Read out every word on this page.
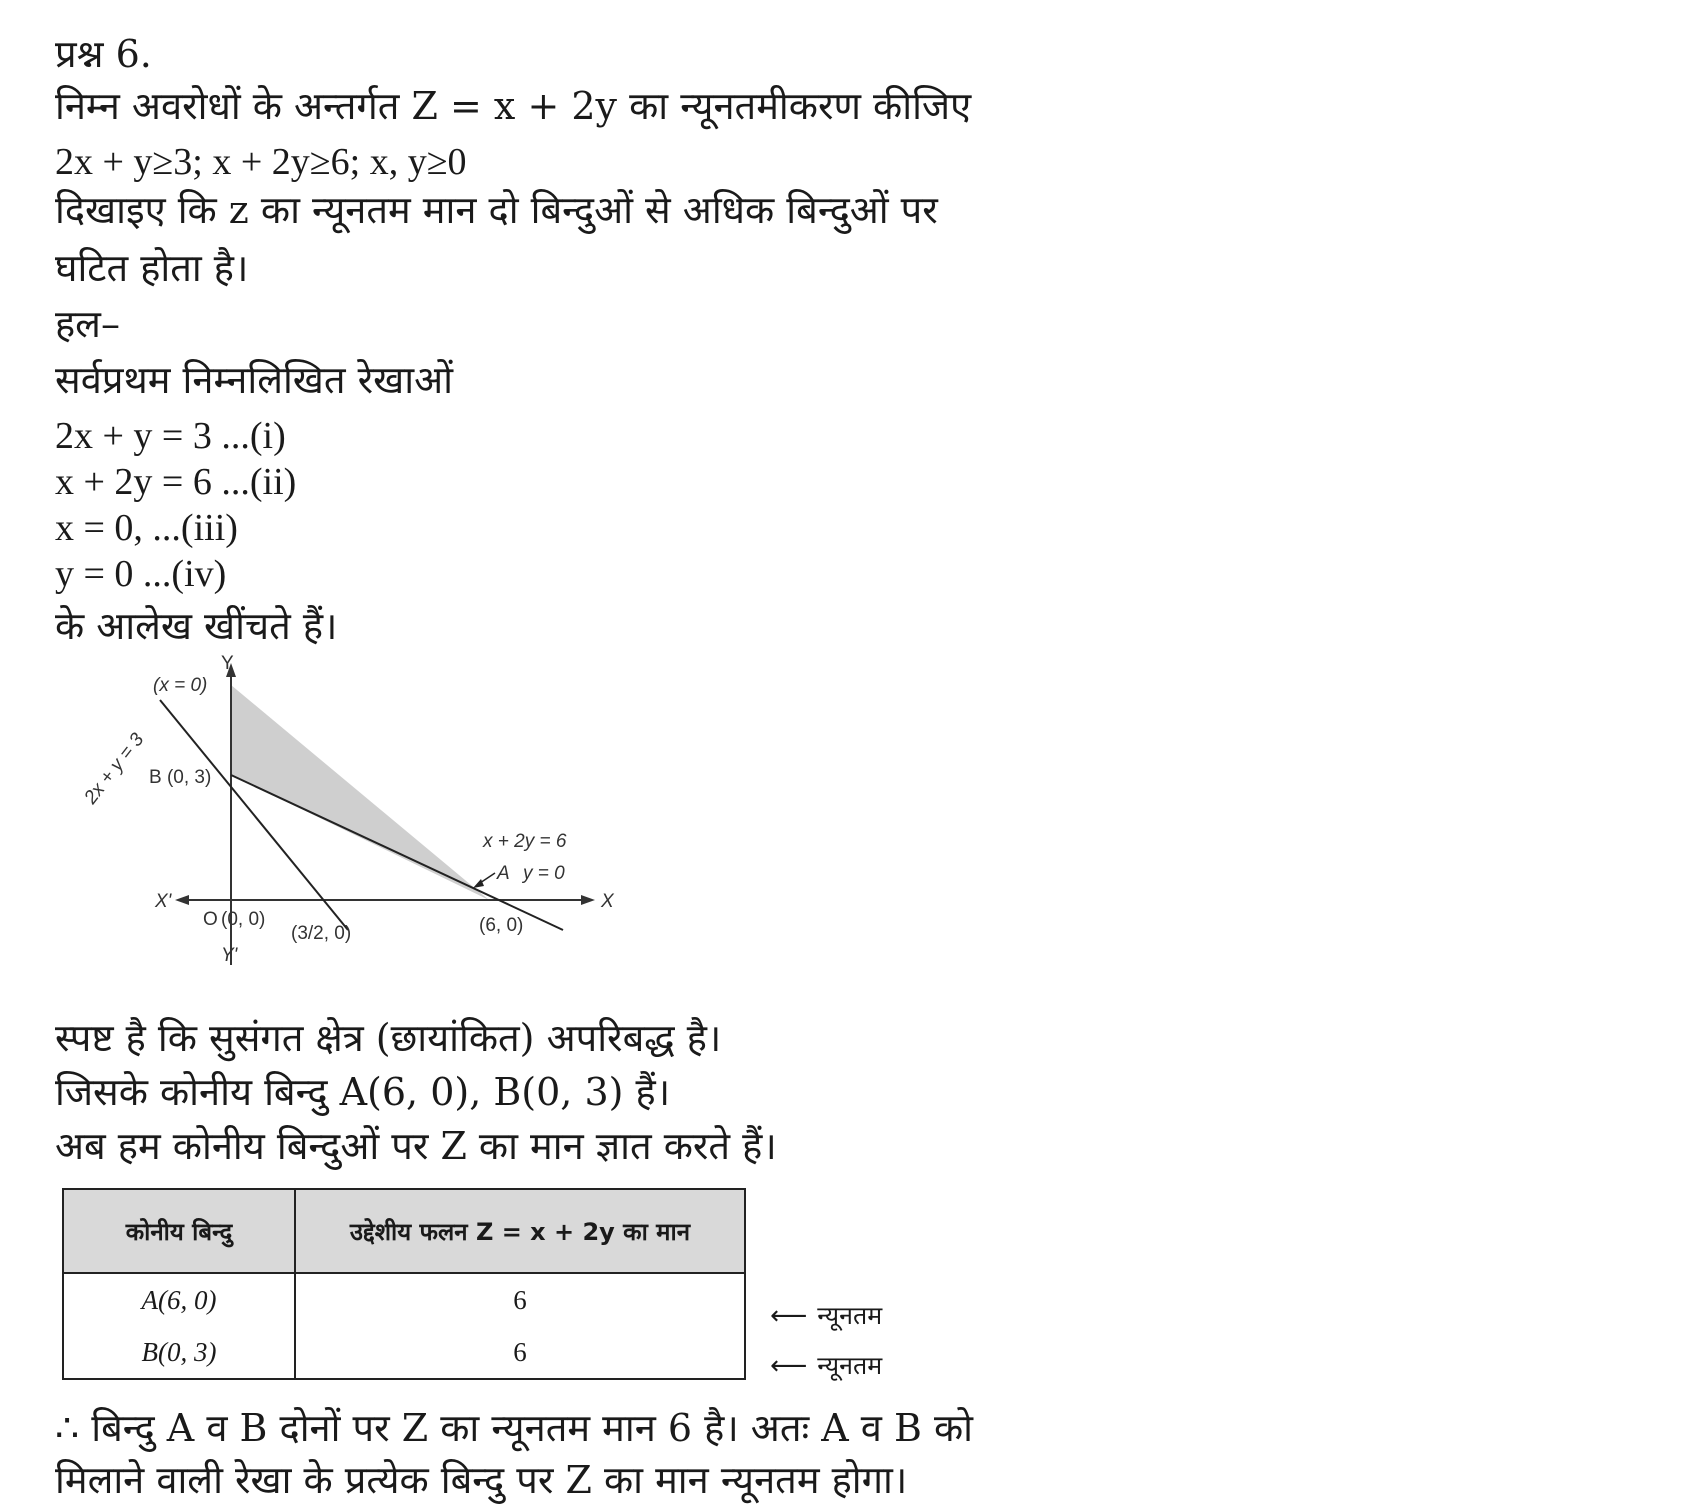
प्रश्न 6.
निम्न अवरोधों के अन्तर्गत Z = x + 2y का न्यूनतमीकरण कीजिए
2x + y≥3; x + 2y≥6; x, y≥0
दिखाइए कि z का न्यूनतम मान दो बिन्दुओं से अधिक बिन्दुओं पर
घटित होता है।
हल–
सर्वप्रथम निम्नलिखित रेखाओं
2x + y = 3 ...(i)
x + 2y = 6 ...(ii)
x = 0, ...(iii)
y = 0 ...(iv)
के आलेख खींचते हैं।
Y
(x = 0)
2x + y = 3 B (0, 3)
x + 2y = 6
A y = 0
X
X'
O (0, 0)
(3/2, 0)	(6, 0)
Y'
स्पष्ट है कि सुसंगत क्षेत्र (छायांकित) अपरिबद्ध है।
जिसके कोनीय बिन्दु A(6, 0), B(0, 3) हैं।
अब हम कोनीय बिन्दुओं पर Z का मान ज्ञात करते हैं।
कोनीय बिन्दु	उद्देशीय फलन Z = x + 2y का मान
A(6, 0)	6
B(0, 3)	6
⟵ न्यूनतम
⟵ न्यूनतम
∴ बिन्दु A व B दोनों पर Z का न्यूनतम मान 6 है। अतः A व B को
मिलाने वाली रेखा के प्रत्येक बिन्दु पर Z का मान न्यूनतम होगा।
